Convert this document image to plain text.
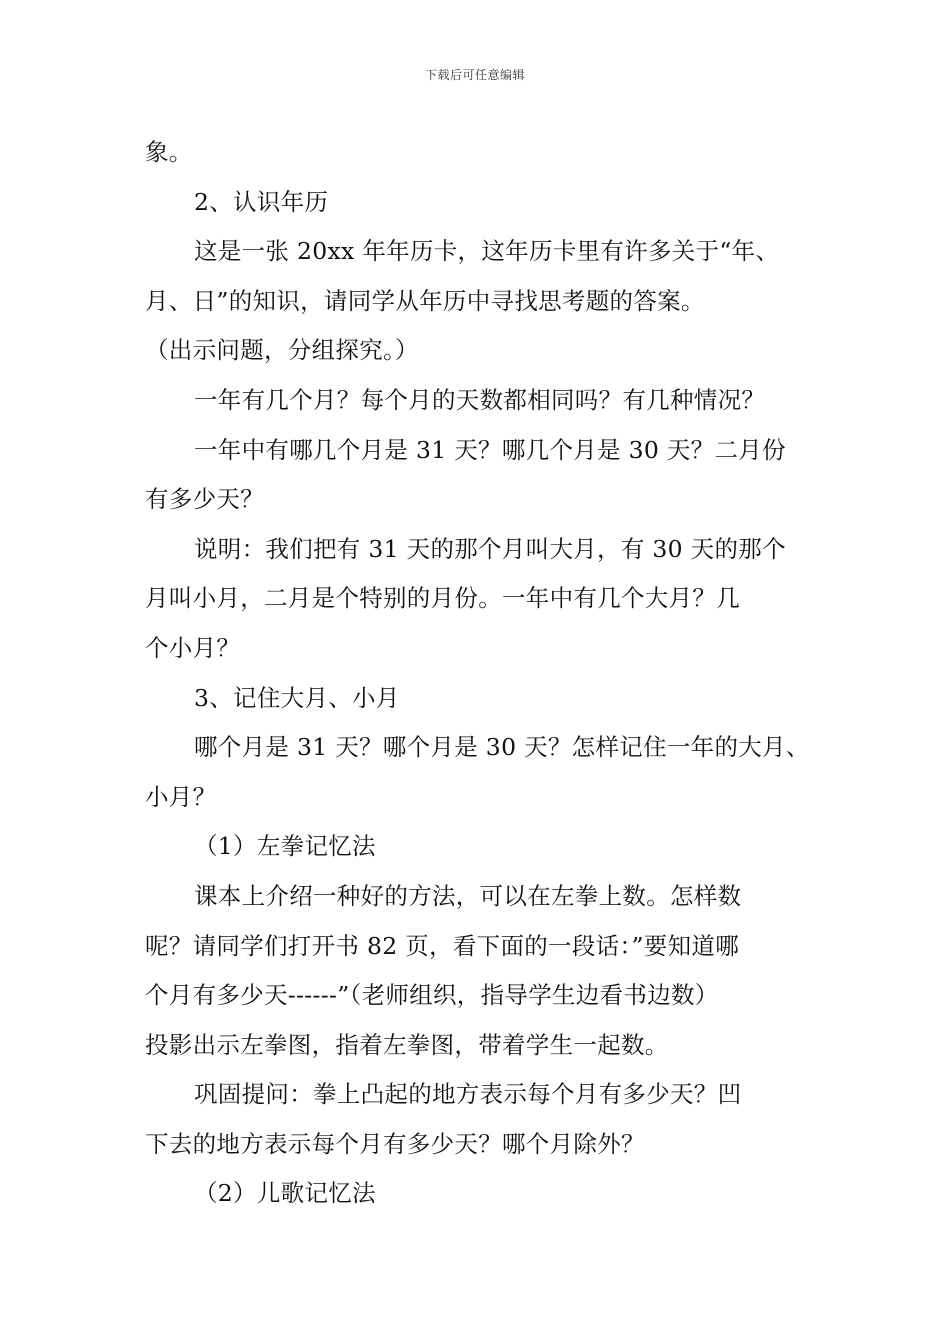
下载后可任意编辑
象。
2、认识年历
这是一张 20xx 年年历卡，这年历卡里有许多关于“年、
月、日”的知识，请同学从年历中寻找思考题的答案。
（出示问题，分组探究。）
一年有几个月？每个月的天数都相同吗？有几种情况？
一年中有哪几个月是 31 天？哪几个月是 30 天？二月份
有多少天？
说明：我们把有 31 天的那个月叫大月，有 30 天的那个
月叫小月，二月是个特别的月份。一年中有几个大月？几
个小月？
3、记住大月、小月
哪个月是 31 天？哪个月是 30 天？怎样记住一年的大月、
小月？
（1）左拳记忆法
课本上介绍一种好的方法，可以在左拳上数。怎样数
呢？请同学们打开书 82 页，看下面的一段话：”要知道哪
个月有多少天------”（老师组织，指导学生边看书边数）
投影出示左拳图，指着左拳图，带着学生一起数。
巩固提问：拳上凸起的地方表示每个月有多少天？凹
下去的地方表示每个月有多少天？哪个月除外？
（2）儿歌记忆法
